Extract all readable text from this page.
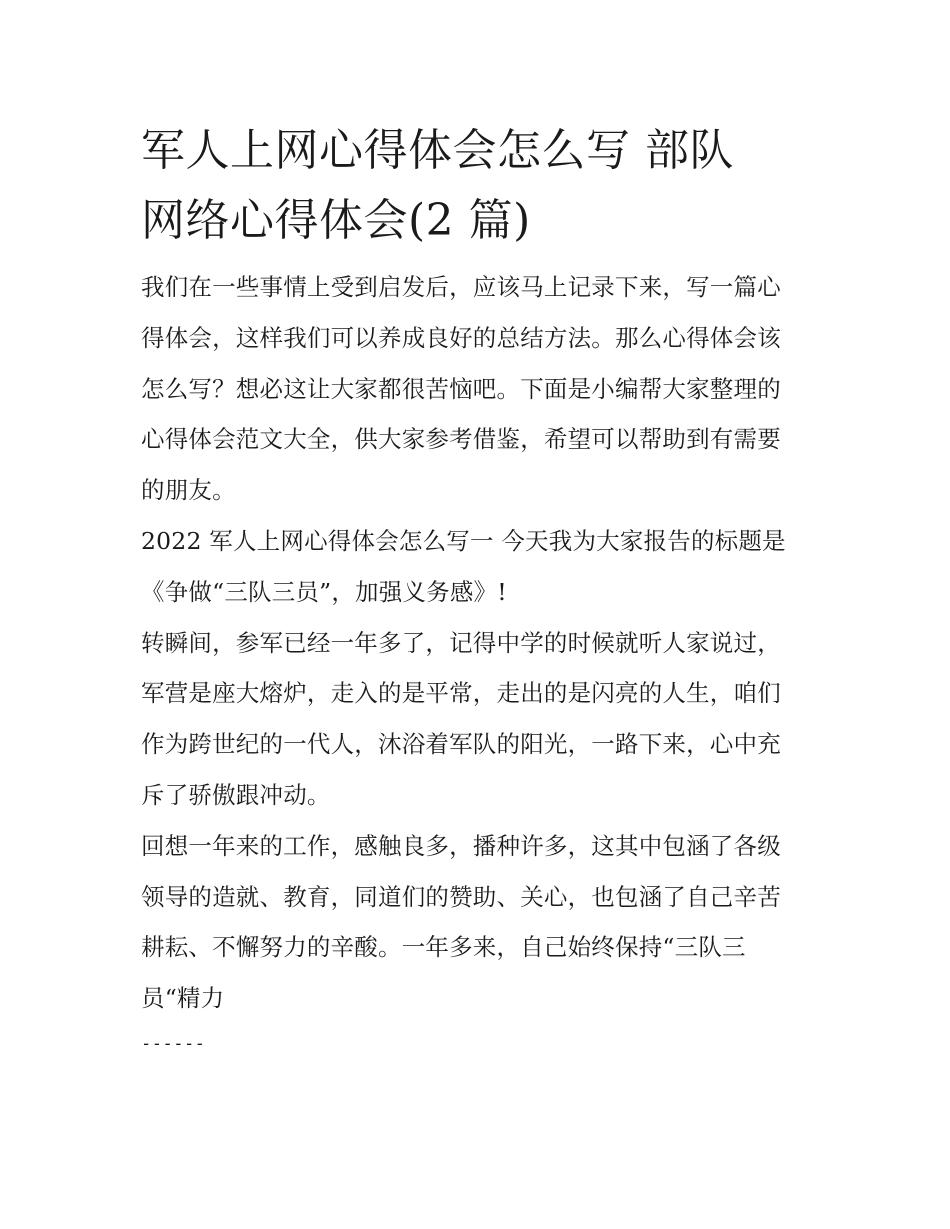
军人上网心得体会怎么写 部队
网络心得体会(2 篇)

我们在一些事情上受到启发后，应该马上记录下来，写一篇心
得体会，这样我们可以养成良好的总结方法。那么心得体会该
怎么写？想必这让大家都很苦恼吧。下面是小编帮大家整理的
心得体会范文大全，供大家参考借鉴，希望可以帮助到有需要
的朋友。

2022 军人上网心得体会怎么写一 今天我为大家报告的标题是
《争做“三队三员”，加强义务感》!

转瞬间，参军已经一年多了，记得中学的时候就听人家说过，
军营是座大熔炉，走入的是平常，走出的是闪亮的人生，咱们
作为跨世纪的一代人，沐浴着军队的阳光，一路下来，心中充
斥了骄傲跟冲动。

回想一年来的工作，感触良多，播种许多，这其中包涵了各级
领导的造就、教育，同道们的赞助、关心，也包涵了自己辛苦
耕耘、不懈努力的辛酸。一年多来，自己始终保持“三队三
员“精力

------
